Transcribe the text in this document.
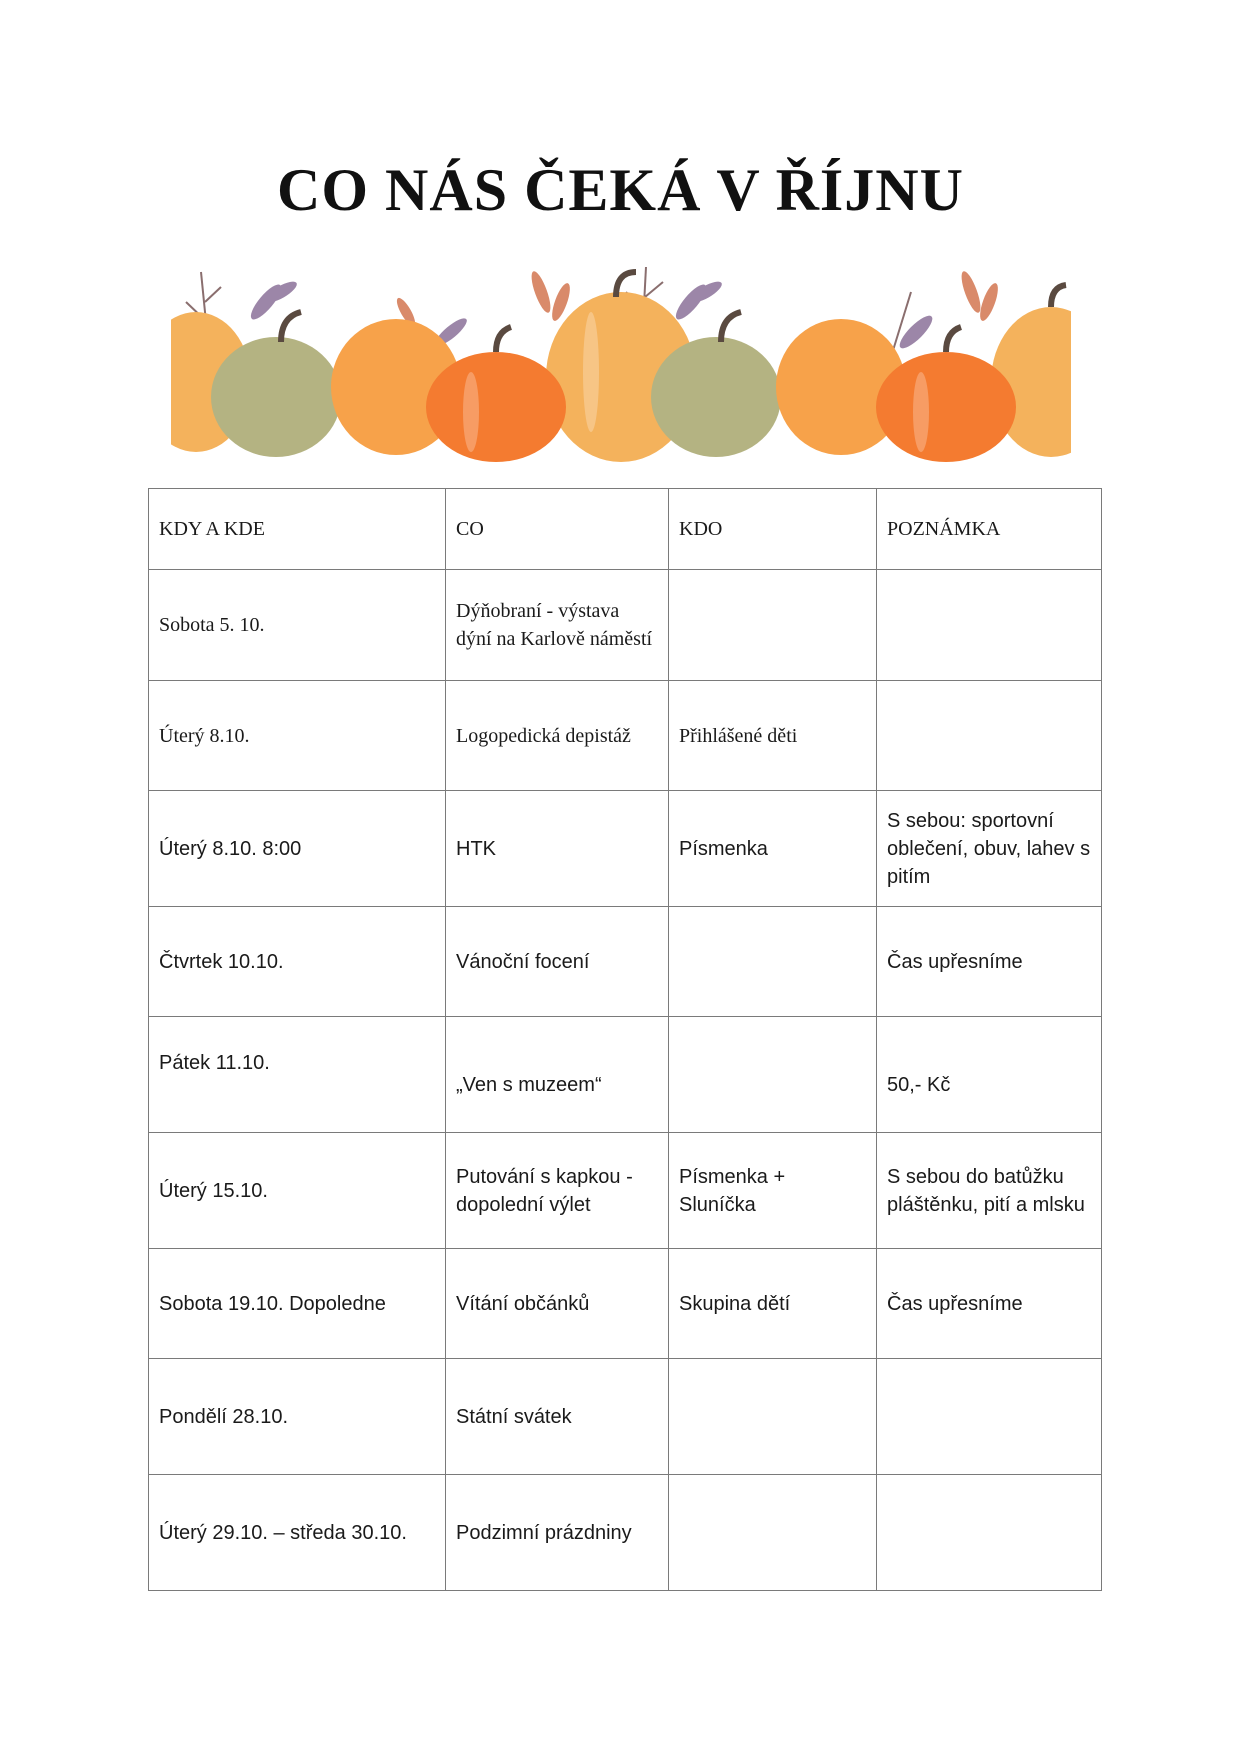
CO NÁS ČEKÁ V ŘÍJNU
KDY A KDE	CO	KDO	POZNÁMKA
Sobota 5. 10.	Dýňobraní - výstava dýní na Karlově náměstí		
Úterý 8.10.	Logopedická depistáž	Přihlášené děti	
Úterý 8.10. 8:00	HTK	Písmenka	S sebou: sportovní oblečení, obuv, lahev s pitím
Čtvrtek 10.10.	Vánoční focení		Čas upřesníme
Pátek 11.10.	„Ven s muzeem“		50,- Kč
Úterý 15.10.	Putování s kapkou - dopolední výlet	Písmenka + Sluníčka	S sebou do batůžku pláštěnku, pití a mlsku
Sobota 19.10. Dopoledne	Vítání občánků	Skupina dětí	Čas upřesníme
Pondělí 28.10.	Státní svátek		
Úterý 29.10. – středa 30.10.	Podzimní prázdniny		
